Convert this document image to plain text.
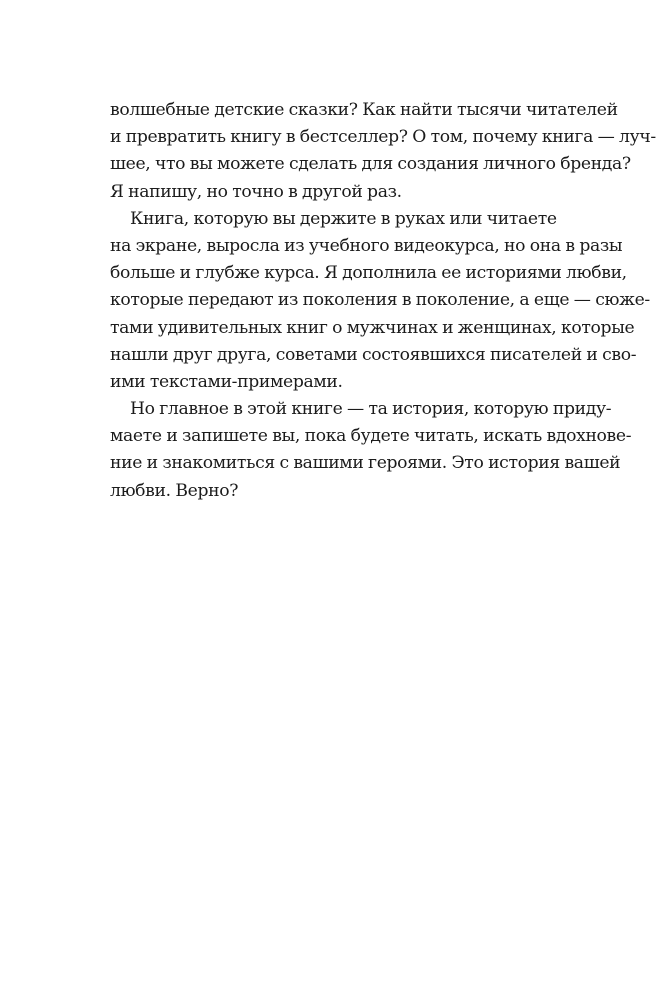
волшебные детские сказки? Как найти тысячи читателей
и превратить книгу в бестселлер? О том, почему книга — луч-
шее, что вы можете сделать для создания личного бренда?
Я напишу, но точно в другой раз.
Книга, которую вы держите в руках или читаете
на экране, выросла из учебного видеокурса, но она в разы
больше и глубже курса. Я дополнила ее историями любви,
которые передают из поколения в поколение, а еще — сюже-
тами удивительных книг о мужчинах и женщинах, которые
нашли друг друга, советами состоявшихся писателей и сво-
ими текстами-примерами.
Но главное в этой книге — та история, которую приду-
маете и запишете вы, пока будете читать, искать вдохнове-
ние и знакомиться с вашими героями. Это история вашей
любви. Верно?
